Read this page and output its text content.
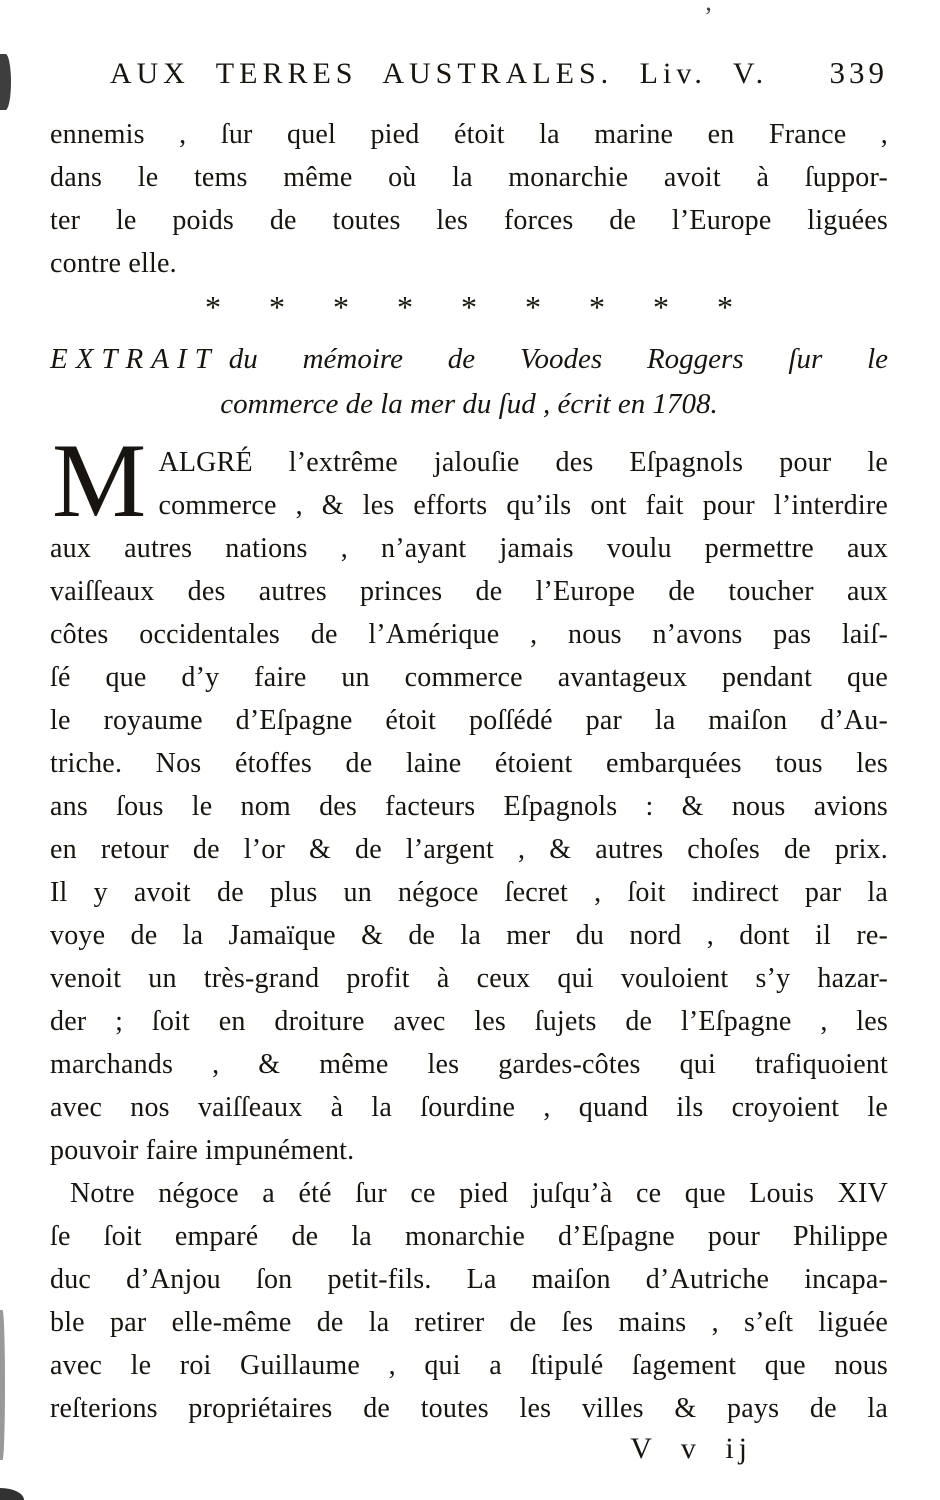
AUX TERRES AUSTRALES. Liv. V.	339
ennemis , ſur quel pied étoit la marine en France ,
dans le tems même où la monarchie avoit à ſuppor-
ter le poids de toutes les forces de l’Europe liguées
contre elle.
* * * * * * * * *
EXTRAIT du mémoire de Voodes Roggers ſur le
commerce de la mer du ſud , écrit en 1708.
M ALGRÉ l’extrême jalouſie des Eſpagnols pour le
commerce , & les efforts qu’ils ont fait pour l’interdire
aux autres nations , n’ayant jamais voulu permettre aux
vaiſſeaux des autres princes de l’Europe de toucher aux
côtes occidentales de l’Amérique , nous n’avons pas laiſ-
ſé que d’y faire un commerce avantageux pendant que
le royaume d’Eſpagne étoit poſſédé par la maiſon d’Au-
triche. Nos étoffes de laine étoient embarquées tous les
ans ſous le nom des facteurs Eſpagnols : & nous avions
en retour de l’or & de l’argent , & autres choſes de prix.
Il y avoit de plus un négoce ſecret , ſoit indirect par la
voye de la Jamaïque & de la mer du nord , dont il re-
venoit un très-grand profit à ceux qui vouloient s’y hazar-
der ; ſoit en droiture avec les ſujets de l’Eſpagne , les
marchands , & même les gardes-côtes qui trafiquoient
avec nos vaiſſeaux à la ſourdine , quand ils croyoient le
pouvoir faire impunément.
Notre négoce a été ſur ce pied juſqu’à ce que Louis XIV
ſe ſoit emparé de la monarchie d’Eſpagne pour Philippe
duc d’Anjou ſon petit-fils. La maiſon d’Autriche incapa-
ble par elle-même de la retirer de ſes mains , s’eſt liguée
avec le roi Guillaume , qui a ſtipulé ſagement que nous
reſterions propriétaires de toutes les villes & pays de la
V v ij
’
